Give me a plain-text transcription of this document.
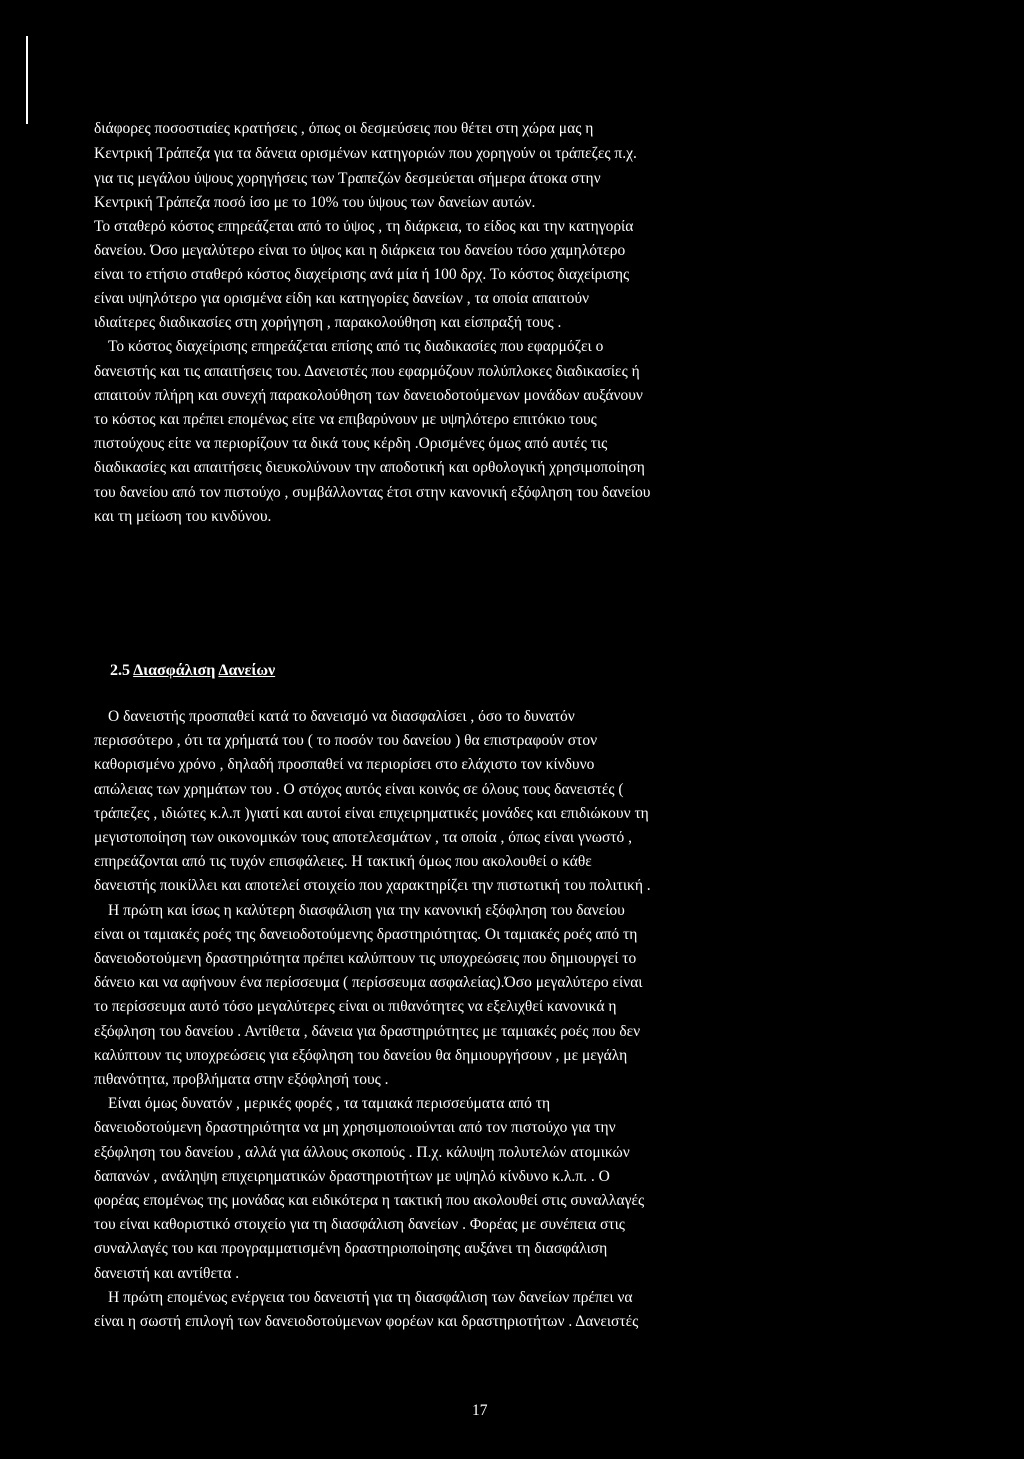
διάφορες ποσοστιαίες κρατήσεις , όπως οι δεσμεύσεις που θέτει στη χώρα μας η
Κεντρική Τράπεζα για τα δάνεια ορισμένων κατηγοριών που χορηγούν οι τράπεζες π.χ.
για τις μεγάλου ύψους χορηγήσεις των Τραπεζών δεσμεύεται σήμερα άτοκα στην
Κεντρική Τράπεζα ποσό ίσο με το 10% του ύψους των δανείων αυτών.
Το σταθερό κόστος επηρεάζεται από το ύψος , τη διάρκεια, το είδος και την κατηγορία
δανείου. Όσο μεγαλύτερο είναι το ύψος και η διάρκεια του δανείου τόσο χαμηλότερο
είναι το ετήσιο σταθερό κόστος διαχείρισης ανά μία ή 100 δρχ. Το κόστος διαχείρισης
είναι υψηλότερο για ορισμένα είδη και κατηγορίες δανείων , τα οποία απαιτούν
ιδιαίτερες διαδικασίες στη χορήγηση , παρακολούθηση και είσπραξή τους .
Το κόστος διαχείρισης επηρεάζεται επίσης από τις διαδικασίες που εφαρμόζει ο
δανειστής και τις απαιτήσεις του. Δανειστές που εφαρμόζουν πολύπλοκες διαδικασίες ή
απαιτούν πλήρη και συνεχή παρακολούθηση των δανειοδοτούμενων μονάδων αυξάνουν
το κόστος και πρέπει επομένως είτε να επιβαρύνουν με υψηλότερο επιτόκιο τους
πιστούχους είτε να περιορίζουν τα δικά τους κέρδη .Ορισμένες όμως από αυτές τις
διαδικασίες και απαιτήσεις διευκολύνουν την αποδοτική και ορθολογική χρησιμοποίηση
του δανείου από τον πιστούχο , συμβάλλοντας έτσι στην κανονική εξόφληση του δανείου
και τη μείωση του κινδύνου.
2.5 Διασφάλιση Δανείων
Ο δανειστής προσπαθεί κατά το δανεισμό να διασφαλίσει , όσο το δυνατόν
περισσότερο , ότι τα χρήματά του ( το ποσόν του δανείου ) θα επιστραφούν στον
καθορισμένο χρόνο , δηλαδή προσπαθεί να περιορίσει στο ελάχιστο τον κίνδυνο
απώλειας των χρημάτων του . Ο στόχος αυτός είναι κοινός σε όλους τους δανειστές (
τράπεζες , ιδιώτες κ.λ.π )γιατί και αυτοί είναι επιχειρηματικές μονάδες και επιδιώκουν τη
μεγιστοποίηση των οικονομικών τους αποτελεσμάτων , τα οποία , όπως είναι γνωστό ,
επηρεάζονται από τις τυχόν επισφάλειες. Η τακτική όμως που ακολουθεί ο κάθε
δανειστής ποικίλλει και αποτελεί στοιχείο που χαρακτηρίζει την πιστωτική του πολιτική .
Η πρώτη και ίσως η καλύτερη διασφάλιση για την κανονική εξόφληση του δανείου
είναι οι ταμιακές ροές της δανειοδοτούμενης δραστηριότητας. Οι ταμιακές ροές από τη
δανειοδοτούμενη δραστηριότητα πρέπει καλύπτουν τις υποχρεώσεις που δημιουργεί το
δάνειο και να αφήνουν ένα περίσσευμα ( περίσσευμα ασφαλείας).Όσο μεγαλύτερο είναι
το περίσσευμα αυτό τόσο μεγαλύτερες είναι οι πιθανότητες να εξελιχθεί κανονικά η
εξόφληση του δανείου . Αντίθετα , δάνεια για δραστηριότητες με ταμιακές ροές που δεν
καλύπτουν τις υποχρεώσεις για εξόφληση του δανείου θα δημιουργήσουν , με μεγάλη
πιθανότητα, προβλήματα στην εξόφλησή τους .
Είναι όμως δυνατόν , μερικές φορές , τα ταμιακά περισσεύματα από τη
δανειοδοτούμενη δραστηριότητα να μη χρησιμοποιούνται από τον πιστούχο για την
εξόφληση του δανείου , αλλά για άλλους σκοπούς . Π.χ. κάλυψη πολυτελών ατομικών
δαπανών , ανάληψη επιχειρηματικών δραστηριοτήτων με υψηλό κίνδυνο κ.λ.π. . Ο
φορέας επομένως της μονάδας και ειδικότερα η τακτική που ακολουθεί στις συναλλαγές
του είναι καθοριστικό στοιχείο για τη διασφάλιση δανείων . Φορέας με συνέπεια στις
συναλλαγές του και προγραμματισμένη δραστηριοποίησης αυξάνει τη διασφάλιση
δανειστή και αντίθετα .
Η πρώτη επομένως ενέργεια του δανειστή για τη διασφάλιση των δανείων πρέπει να
είναι η σωστή επιλογή των δανειοδοτούμενων φορέων και δραστηριοτήτων . Δανειστές
17
